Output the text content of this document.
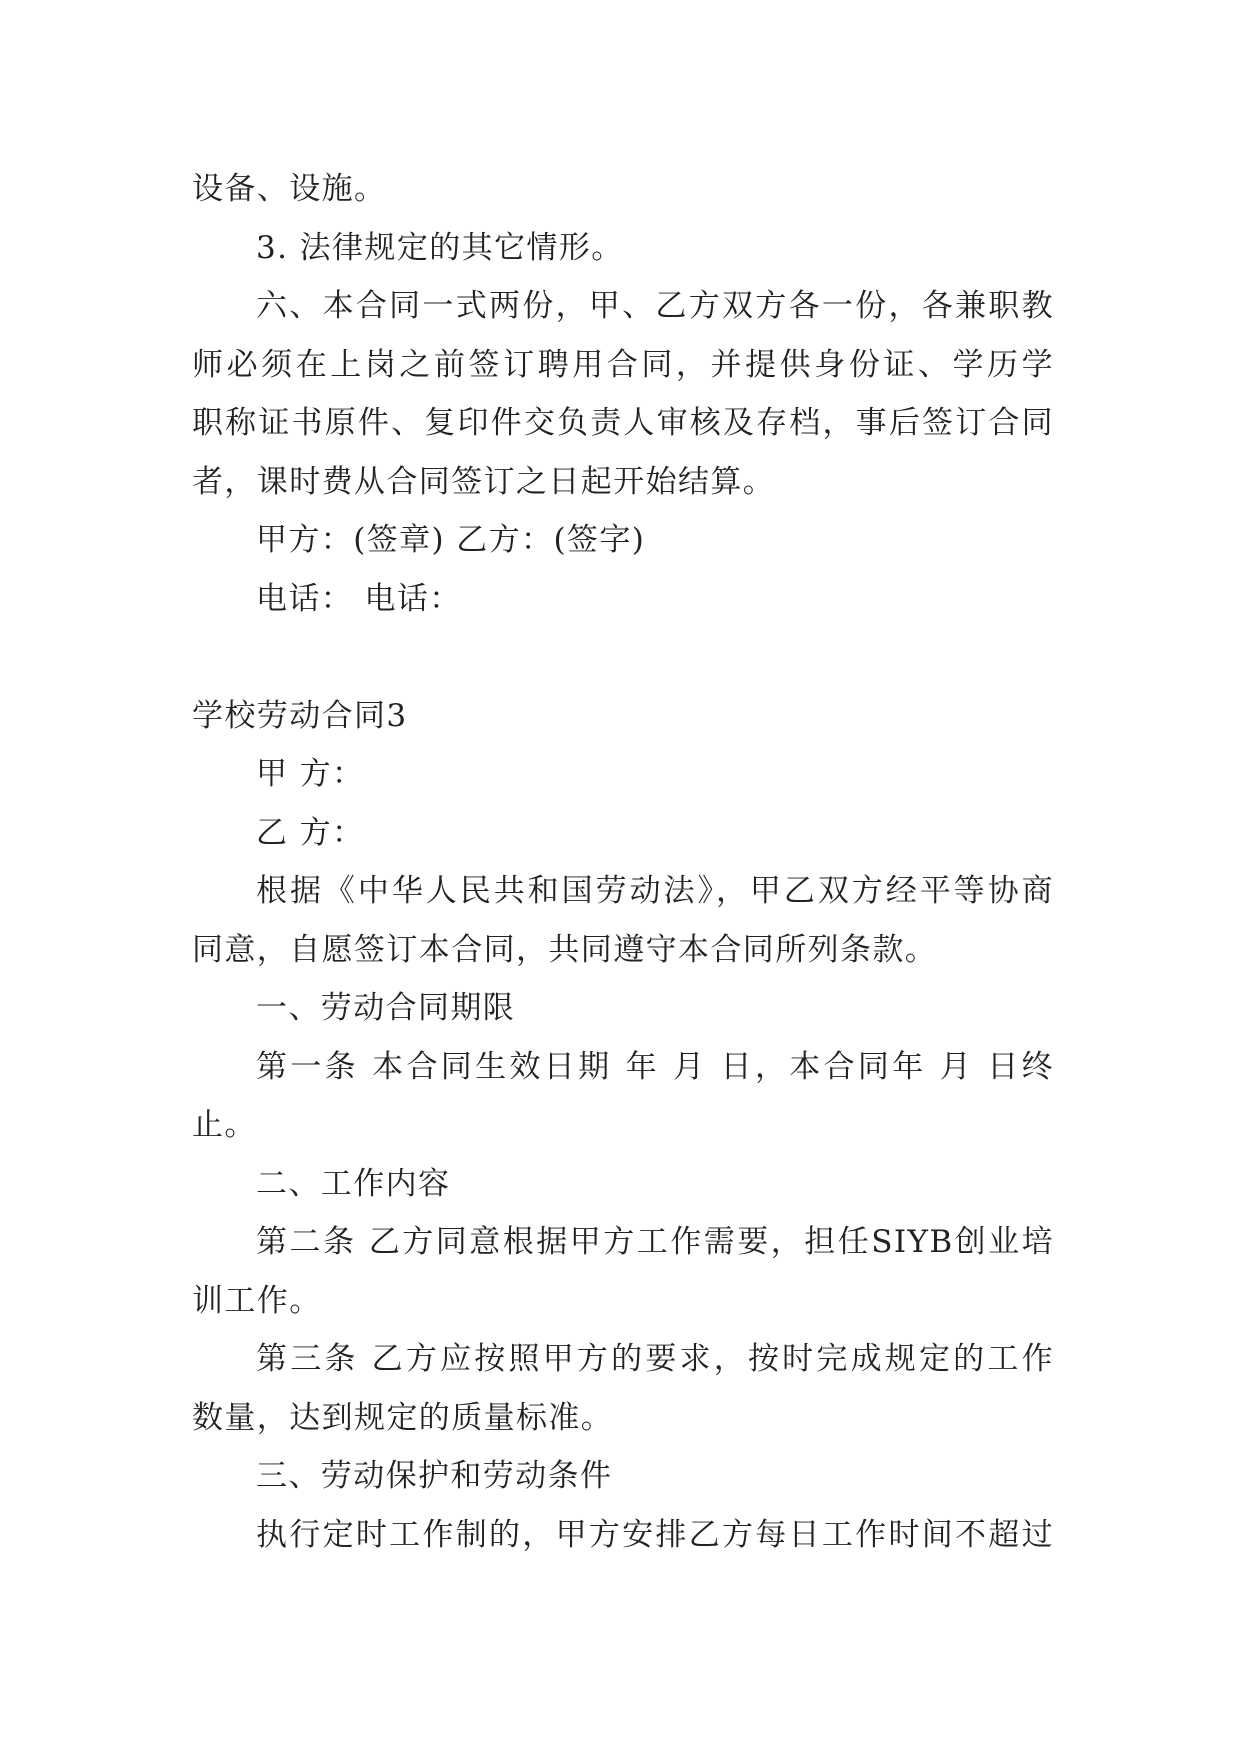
设备、设施。
3. 法律规定的其它情形。
六、本合同一式两份，甲、乙方双方各一份，各兼职教
师必须在上岗之前签订聘用合同，并提供身份证、学历学
职称证书原件、复印件交负责人审核及存档，事后签订合同
者，课时费从合同签订之日起开始结算。
甲方：(签章) 乙方：(签字)
电话： 电话：
学校劳动合同3
甲 方：
乙 方：
根据《中华人民共和国劳动法》，甲乙双方经平等协商
同意，自愿签订本合同，共同遵守本合同所列条款。
一、劳动合同期限
第一条 本合同生效日期 年 月 日，本合同年 月 日终
止。
二、工作内容
第二条 乙方同意根据甲方工作需要，担任SIYB创业培
训工作。
第三条 乙方应按照甲方的要求，按时完成规定的工作
数量，达到规定的质量标准。
三、劳动保护和劳动条件
执行定时工作制的，甲方安排乙方每日工作时间不超过
